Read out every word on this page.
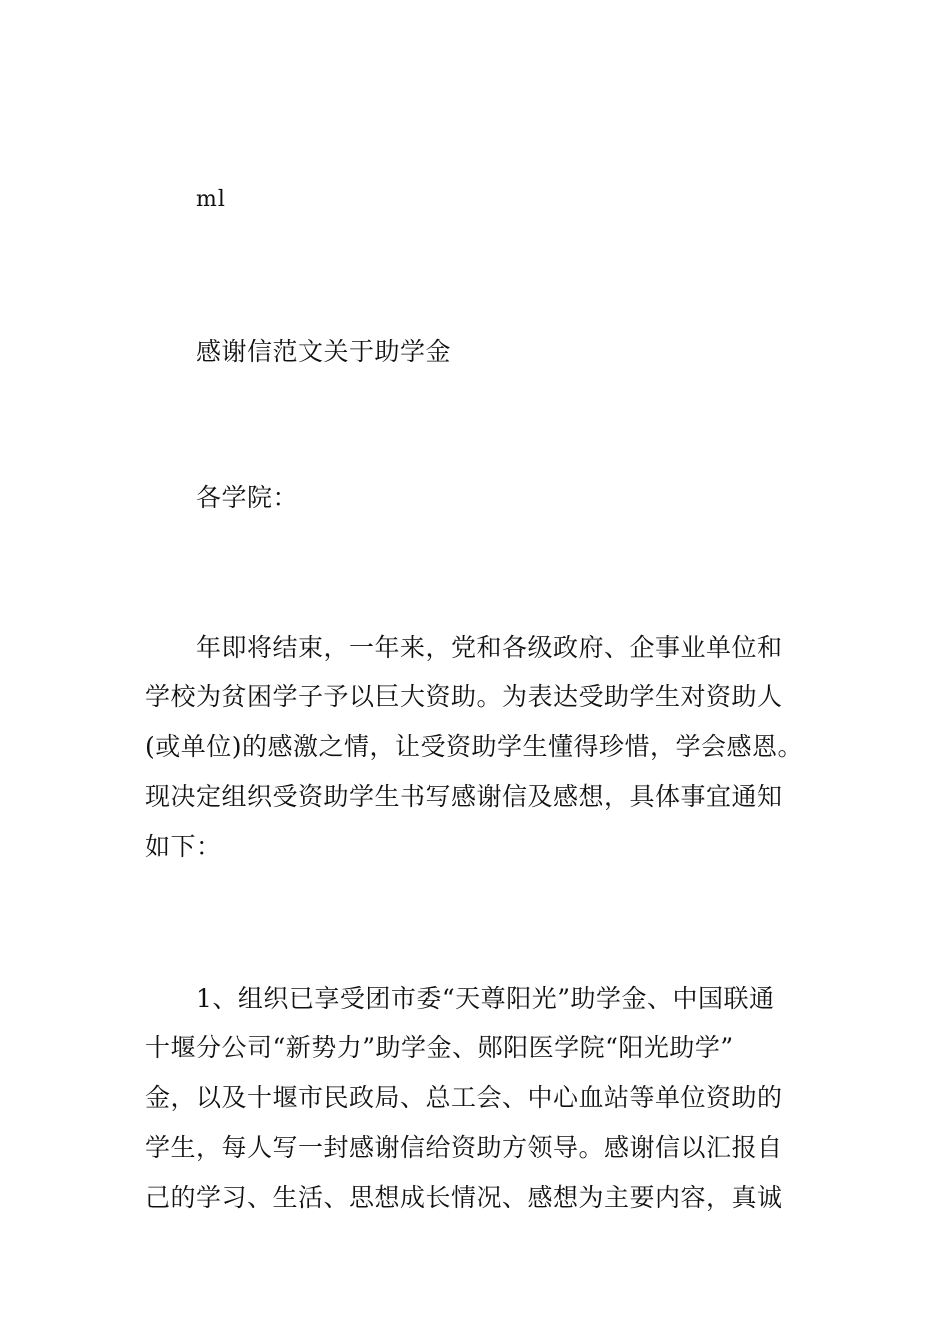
ml
感谢信范文关于助学金
各学院：
年即将结束，一年来，党和各级政府、企事业单位和
学校为贫困学子予以巨大资助。为表达受助学生对资助人
(或单位)的感激之情，让受资助学生懂得珍惜，学会感恩。
现决定组织受资助学生书写感谢信及感想，具体事宜通知
如下：
1、组织已享受团市委“天尊阳光”助学金、中国联通
十堰分公司“新势力”助学金、郧阳医学院“阳光助学”
金，以及十堰市民政局、总工会、中心血站等单位资助的
学生，每人写一封感谢信给资助方领导。感谢信以汇报自
己的学习、生活、思想成长情况、感想为主要内容，真诚
